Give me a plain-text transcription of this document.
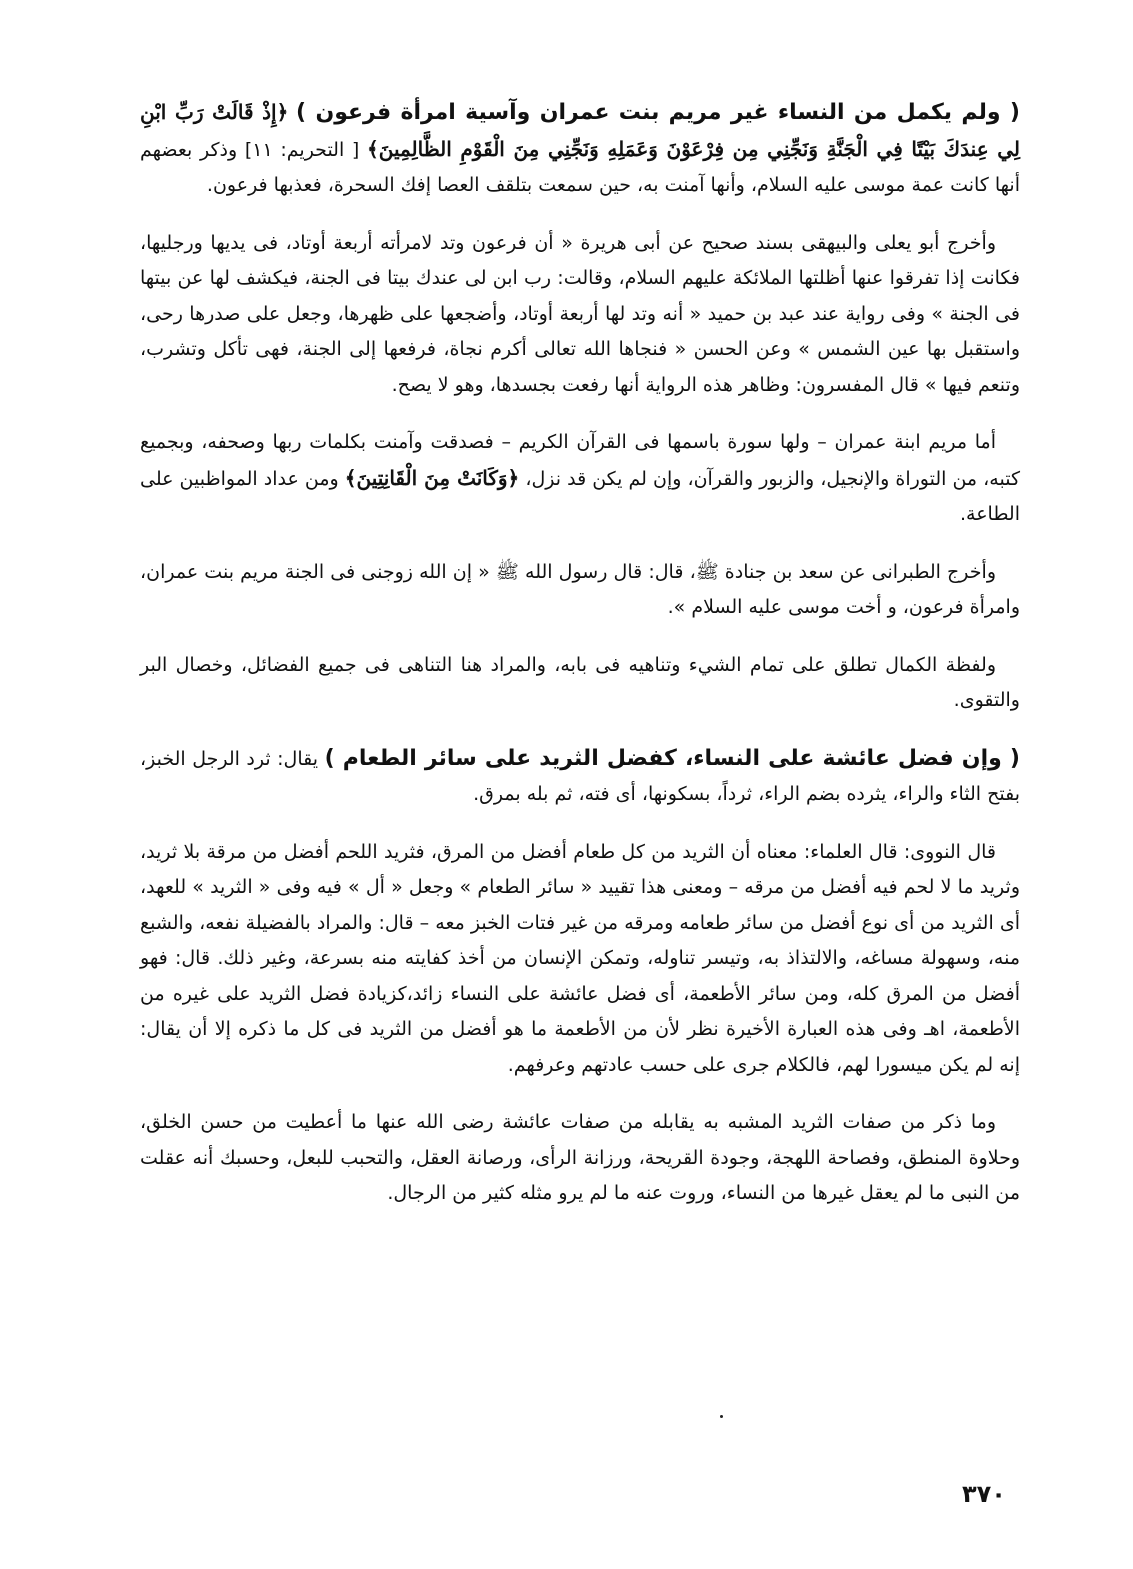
( ولم يكمل من النساء غير مريم بنت عمران وآسية امرأة فرعون ) ﴿إِذْ قَالَتْ رَبِّ ابْنِ لِي عِندَكَ بَيْتًا فِي الْجَنَّةِ وَنَجِّنِي مِن فِرْعَوْنَ وَعَمَلِهِ وَنَجِّنِي مِنَ الْقَوْمِ الظَّالِمِينَ﴾ [ التحريم: ١١] وذكر بعضهم أنها كانت عمة موسى عليه السلام، وأنها آمنت به، حين سمعت بتلقف العصا إفك السحرة، فعذبها فرعون.

وأخرج أبو يعلى والبيهقى بسند صحيح عن أبى هريرة « أن فرعون وتد لامرأته أربعة أوتاد، فى يديها ورجليها، فكانت إذا تفرقوا عنها أظلتها الملائكة عليهم السلام، وقالت: رب ابن لى عندك بيتا فى الجنة، فيكشف لها عن بيتها فى الجنة » وفى رواية عند عبد بن حميد « أنه وتد لها أربعة أوتاد، وأضجعها على ظهرها، وجعل على صدرها رحى، واستقبل بها عين الشمس » وعن الحسن « فنجاها الله تعالى أكرم نجاة، فرفعها إلى الجنة، فهى تأكل وتشرب، وتنعم فيها » قال المفسرون: وظاهر هذه الرواية أنها رفعت بجسدها، وهو لا يصح.

أما مريم ابنة عمران – ولها سورة باسمها فى القرآن الكريم – فصدقت وآمنت بكلمات ربها وصحفه، وبجميع كتبه، من التوراة والإنجيل، والزبور والقرآن، وإن لم يكن قد نزل، ﴿وَكَانَتْ مِنَ الْقَانِتِينَ﴾ ومن عداد المواظبين على الطاعة.

وأخرج الطبرانى عن سعد بن جنادة ﷺ، قال: قال رسول الله ﷺ « إن الله زوجنى فى الجنة مريم بنت عمران، وامرأة فرعون، و أخت موسى عليه السلام ».

ولفظة الكمال تطلق على تمام الشيء وتناهيه فى بابه، والمراد هنا التناهى فى جميع الفضائل، وخصال البر والتقوى.

( وإن فضل عائشة على النساء، كفضل الثريد على سائر الطعام ) يقال: ثرد الرجل الخبز، بفتح الثاء والراء، يثرده بضم الراء، ثرداً، بسكونها، أى فته، ثم بله بمرق.

قال النووى: قال العلماء: معناه أن الثريد من كل طعام أفضل من المرق، فثريد اللحم أفضل من مرقة بلا ثريد، وثريد ما لا لحم فيه أفضل من مرقه – ومعنى هذا تقييد « سائر الطعام » وجعل « أل » فيه وفى « الثريد » للعهد، أى الثريد من أى نوع أفضل من سائر طعامه ومرقه من غير فتات الخبز معه – قال: والمراد بالفضيلة نفعه، والشبع منه، وسهولة مساغه، والالتذاذ به، وتيسر تناوله، وتمكن الإنسان من أخذ كفايته منه بسرعة، وغير ذلك. قال: فهو أفضل من المرق كله، ومن سائر الأطعمة، أى فضل عائشة على النساء زائد،كزيادة فضل الثريد على غيره من الأطعمة، اهـ وفى هذه العبارة الأخيرة نظر لأن من الأطعمة ما هو أفضل من الثريد فى كل ما ذكره إلا أن يقال: إنه لم يكن ميسورا لهم، فالكلام جرى على حسب عادتهم وعرفهم.

وما ذكر من صفات الثريد المشبه به يقابله من صفات عائشة رضى الله عنها ما أعطيت من حسن الخلق، وحلاوة المنطق، وفصاحة اللهجة، وجودة القريحة، ورزانة الرأى، ورصانة العقل، والتحبب للبعل، وحسبك أنه عقلت من النبى ما لم يعقل غيرها من النساء، وروت عنه ما لم يرو مثله كثير من الرجال.

٣٧٠
